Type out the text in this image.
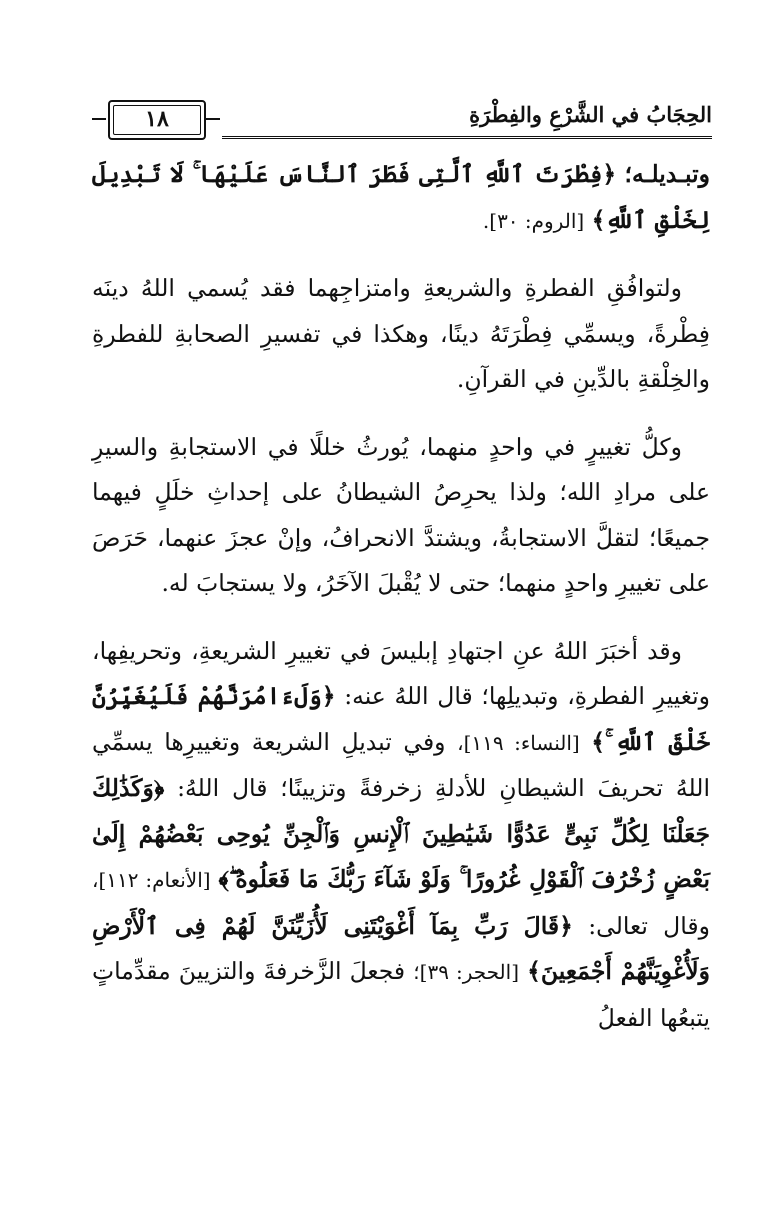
الحِجَابُ في الشَّرْعِ والفِطْرَةِ
١٨

وتبـديلـه؛ ﴿فِطْرَتَ ٱللَّهِ ٱلَّتِى فَطَرَ ٱلنَّاسَ عَلَيْهَا ۚ لَا تَبْدِيلَ لِخَلْقِ ٱللَّهِ﴾ [الروم: ٣٠].

ولتوافُقِ الفطرةِ والشريعةِ وامتزاجِهما فقد يُسمي اللهُ دينَه فِطْرةً، ويسمِّي فِطْرَتَهُ دينًا، وهكذا في تفسيرِ الصحابةِ للفطرةِ والخِلْقةِ بالدِّينِ في القرآنِ.

وكلُّ تغييرٍ في واحدٍ منهما، يُورثُ خللًا في الاستجابةِ والسيرِ على مرادِ الله؛ ولذا يحرِصُ الشيطانُ على إحداثِ خلَلٍ فيهما جميعًا؛ لتقلَّ الاستجابةُ، ويشتدَّ الانحرافُ، وإنْ عجزَ عنهما، حَرَصَ على تغييرِ واحدٍ منهما؛ حتى لا يُقْبلَ الآخَرُ، ولا يستجابَ له.

وقد أخبَرَ اللهُ عنِ اجتهادِ إبليسَ في تغييرِ الشريعةِ، وتحريفِها، وتغييرِ الفطرةِ، وتبديلِها؛ قال اللهُ عنه: ﴿وَلَءَامُرَنَّهُمْ فَلَيُغَيِّرُنَّ خَلْقَ ٱللَّهِ ۚ﴾ [النساء: ١١٩]، وفي تبديلِ الشريعة وتغييرِها يسمِّي اللهُ تحريفَ الشيطانِ للأدلةِ زخرفةً وتزيينًا؛ قال اللهُ: ﴿وَكَذَٰلِكَ جَعَلْنَا لِكُلِّ نَبِىٍّ عَدُوًّا شَيَٰطِينَ ٱلْإِنسِ وَٱلْجِنِّ يُوحِى بَعْضُهُمْ إِلَىٰ بَعْضٍ زُخْرُفَ ٱلْقَوْلِ غُرُورًا ۚ وَلَوْ شَآءَ رَبُّكَ مَا فَعَلُوهُ ۖ﴾ [الأنعام: ١١٢]، وقال تعالى: ﴿قَالَ رَبِّ بِمَآ أَغْوَيْتَنِى لَأُزَيِّنَنَّ لَهُمْ فِى ٱلْأَرْضِ وَلَأُغْوِيَنَّهُمْ أَجْمَعِينَ﴾ [الحجر: ٣٩]؛ فجعلَ الزَّخرفةَ والتزيينَ مقدِّماتٍ يتبعُها الفعلُ
